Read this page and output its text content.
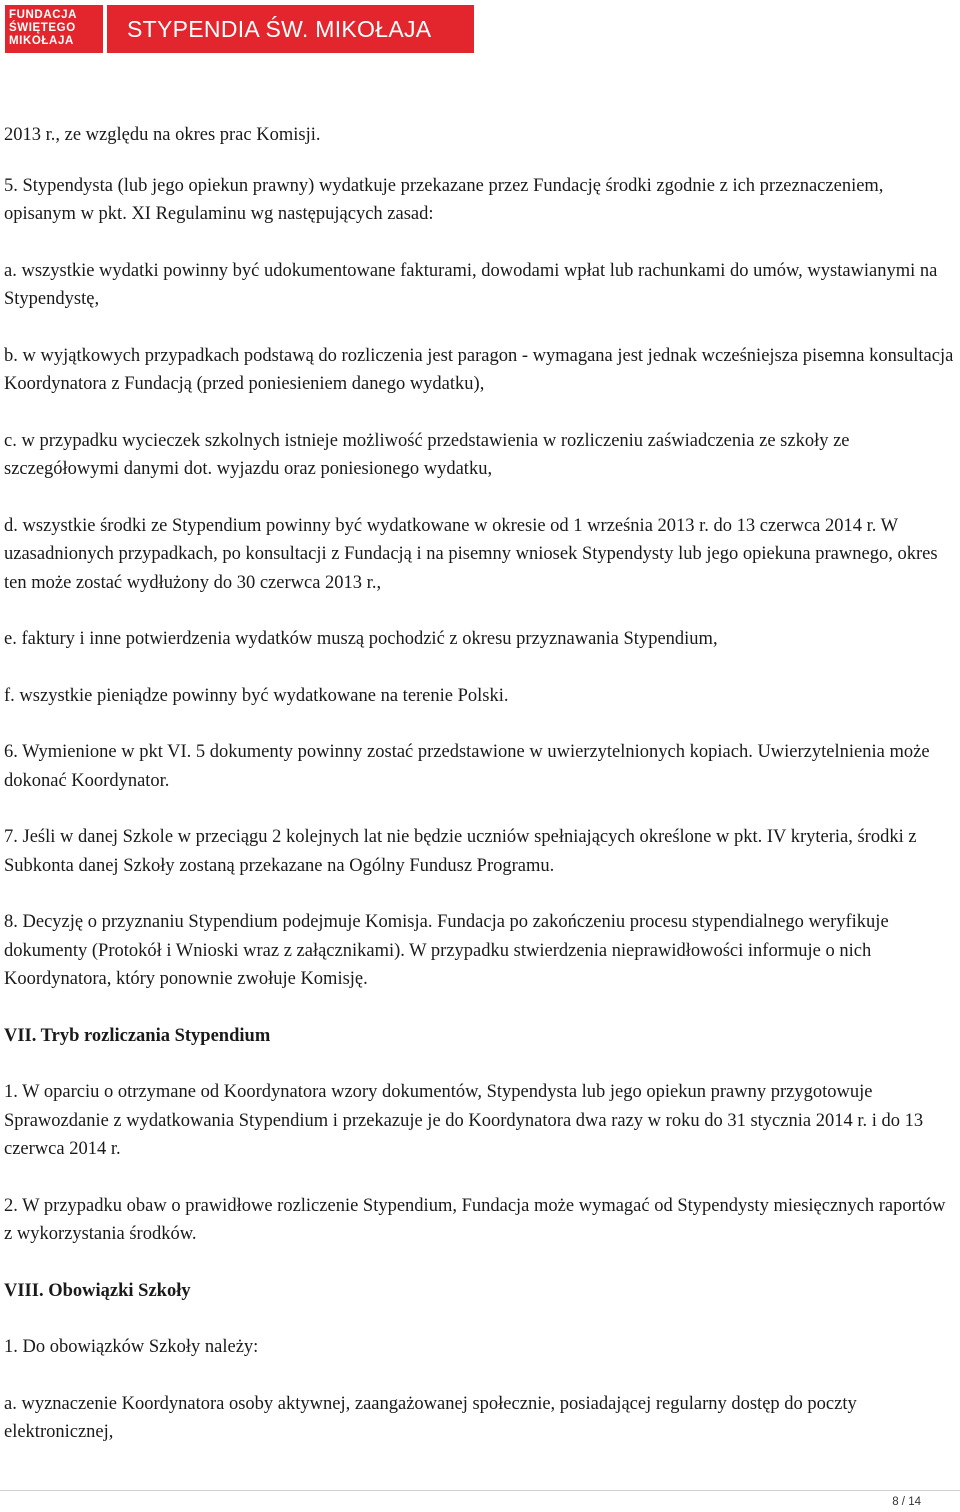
FUNDACJA
ŚWIĘTEGO
MIKOŁAJA	STYPENDIA ŚW. MIKOŁAJA

2013 r., ze względu na okres prac Komisji.

5. Stypendysta (lub jego opiekun prawny) wydatkuje przekazane przez Fundację środki zgodnie z ich przeznaczeniem, opisanym w pkt. XI Regulaminu wg następujących zasad:

a. wszystkie wydatki powinny być udokumentowane fakturami, dowodami wpłat lub rachunkami do umów, wystawianymi na Stypendystę,

b. w wyjątkowych przypadkach podstawą do rozliczenia jest paragon - wymagana jest jednak wcześniejsza pisemna konsultacja Koordynatora z Fundacją (przed poniesieniem danego wydatku),

c. w przypadku wycieczek szkolnych istnieje możliwość przedstawienia w rozliczeniu zaświadczenia ze szkoły ze szczegółowymi danymi dot. wyjazdu oraz poniesionego wydatku,

d. wszystkie środki ze Stypendium powinny być wydatkowane w okresie od 1 września 2013 r. do 13 czerwca 2014 r. W uzasadnionych przypadkach, po konsultacji z Fundacją i na pisemny wniosek Stypendysty lub jego opiekuna prawnego, okres ten może zostać wydłużony do 30 czerwca 2013 r.,

e. faktury i inne potwierdzenia wydatków muszą pochodzić z okresu przyznawania Stypendium,

f. wszystkie pieniądze powinny być wydatkowane na terenie Polski.

6. Wymienione w pkt VI. 5 dokumenty powinny zostać przedstawione w uwierzytelnionych kopiach. Uwierzytelnienia może dokonać Koordynator.

7. Jeśli w danej Szkole w przeciągu 2 kolejnych lat nie będzie uczniów spełniających określone w pkt. IV kryteria, środki z Subkonta danej Szkoły zostaną przekazane na Ogólny Fundusz Programu.

8. Decyzję o przyznaniu Stypendium podejmuje Komisja. Fundacja po zakończeniu procesu stypendialnego weryfikuje dokumenty (Protokół i Wnioski wraz z załącznikami). W przypadku stwierdzenia nieprawidłowości informuje o nich Koordynatora, który ponownie zwołuje Komisję.

VII. Tryb rozliczania Stypendium

1. W oparciu o otrzymane od Koordynatora wzory dokumentów, Stypendysta lub jego opiekun prawny przygotowuje Sprawozdanie z wydatkowania Stypendium i przekazuje je do Koordynatora dwa razy w roku do 31 stycznia 2014 r. i do 13 czerwca 2014 r.

2. W przypadku obaw o prawidłowe rozliczenie Stypendium, Fundacja może wymagać od Stypendysty miesięcznych raportów z wykorzystania środków.

VIII. Obowiązki Szkoły

1. Do obowiązków Szkoły należy:

a. wyznaczenie Koordynatora osoby aktywnej, zaangażowanej społecznie, posiadającej regularny dostęp do poczty elektronicznej,

8 / 14
